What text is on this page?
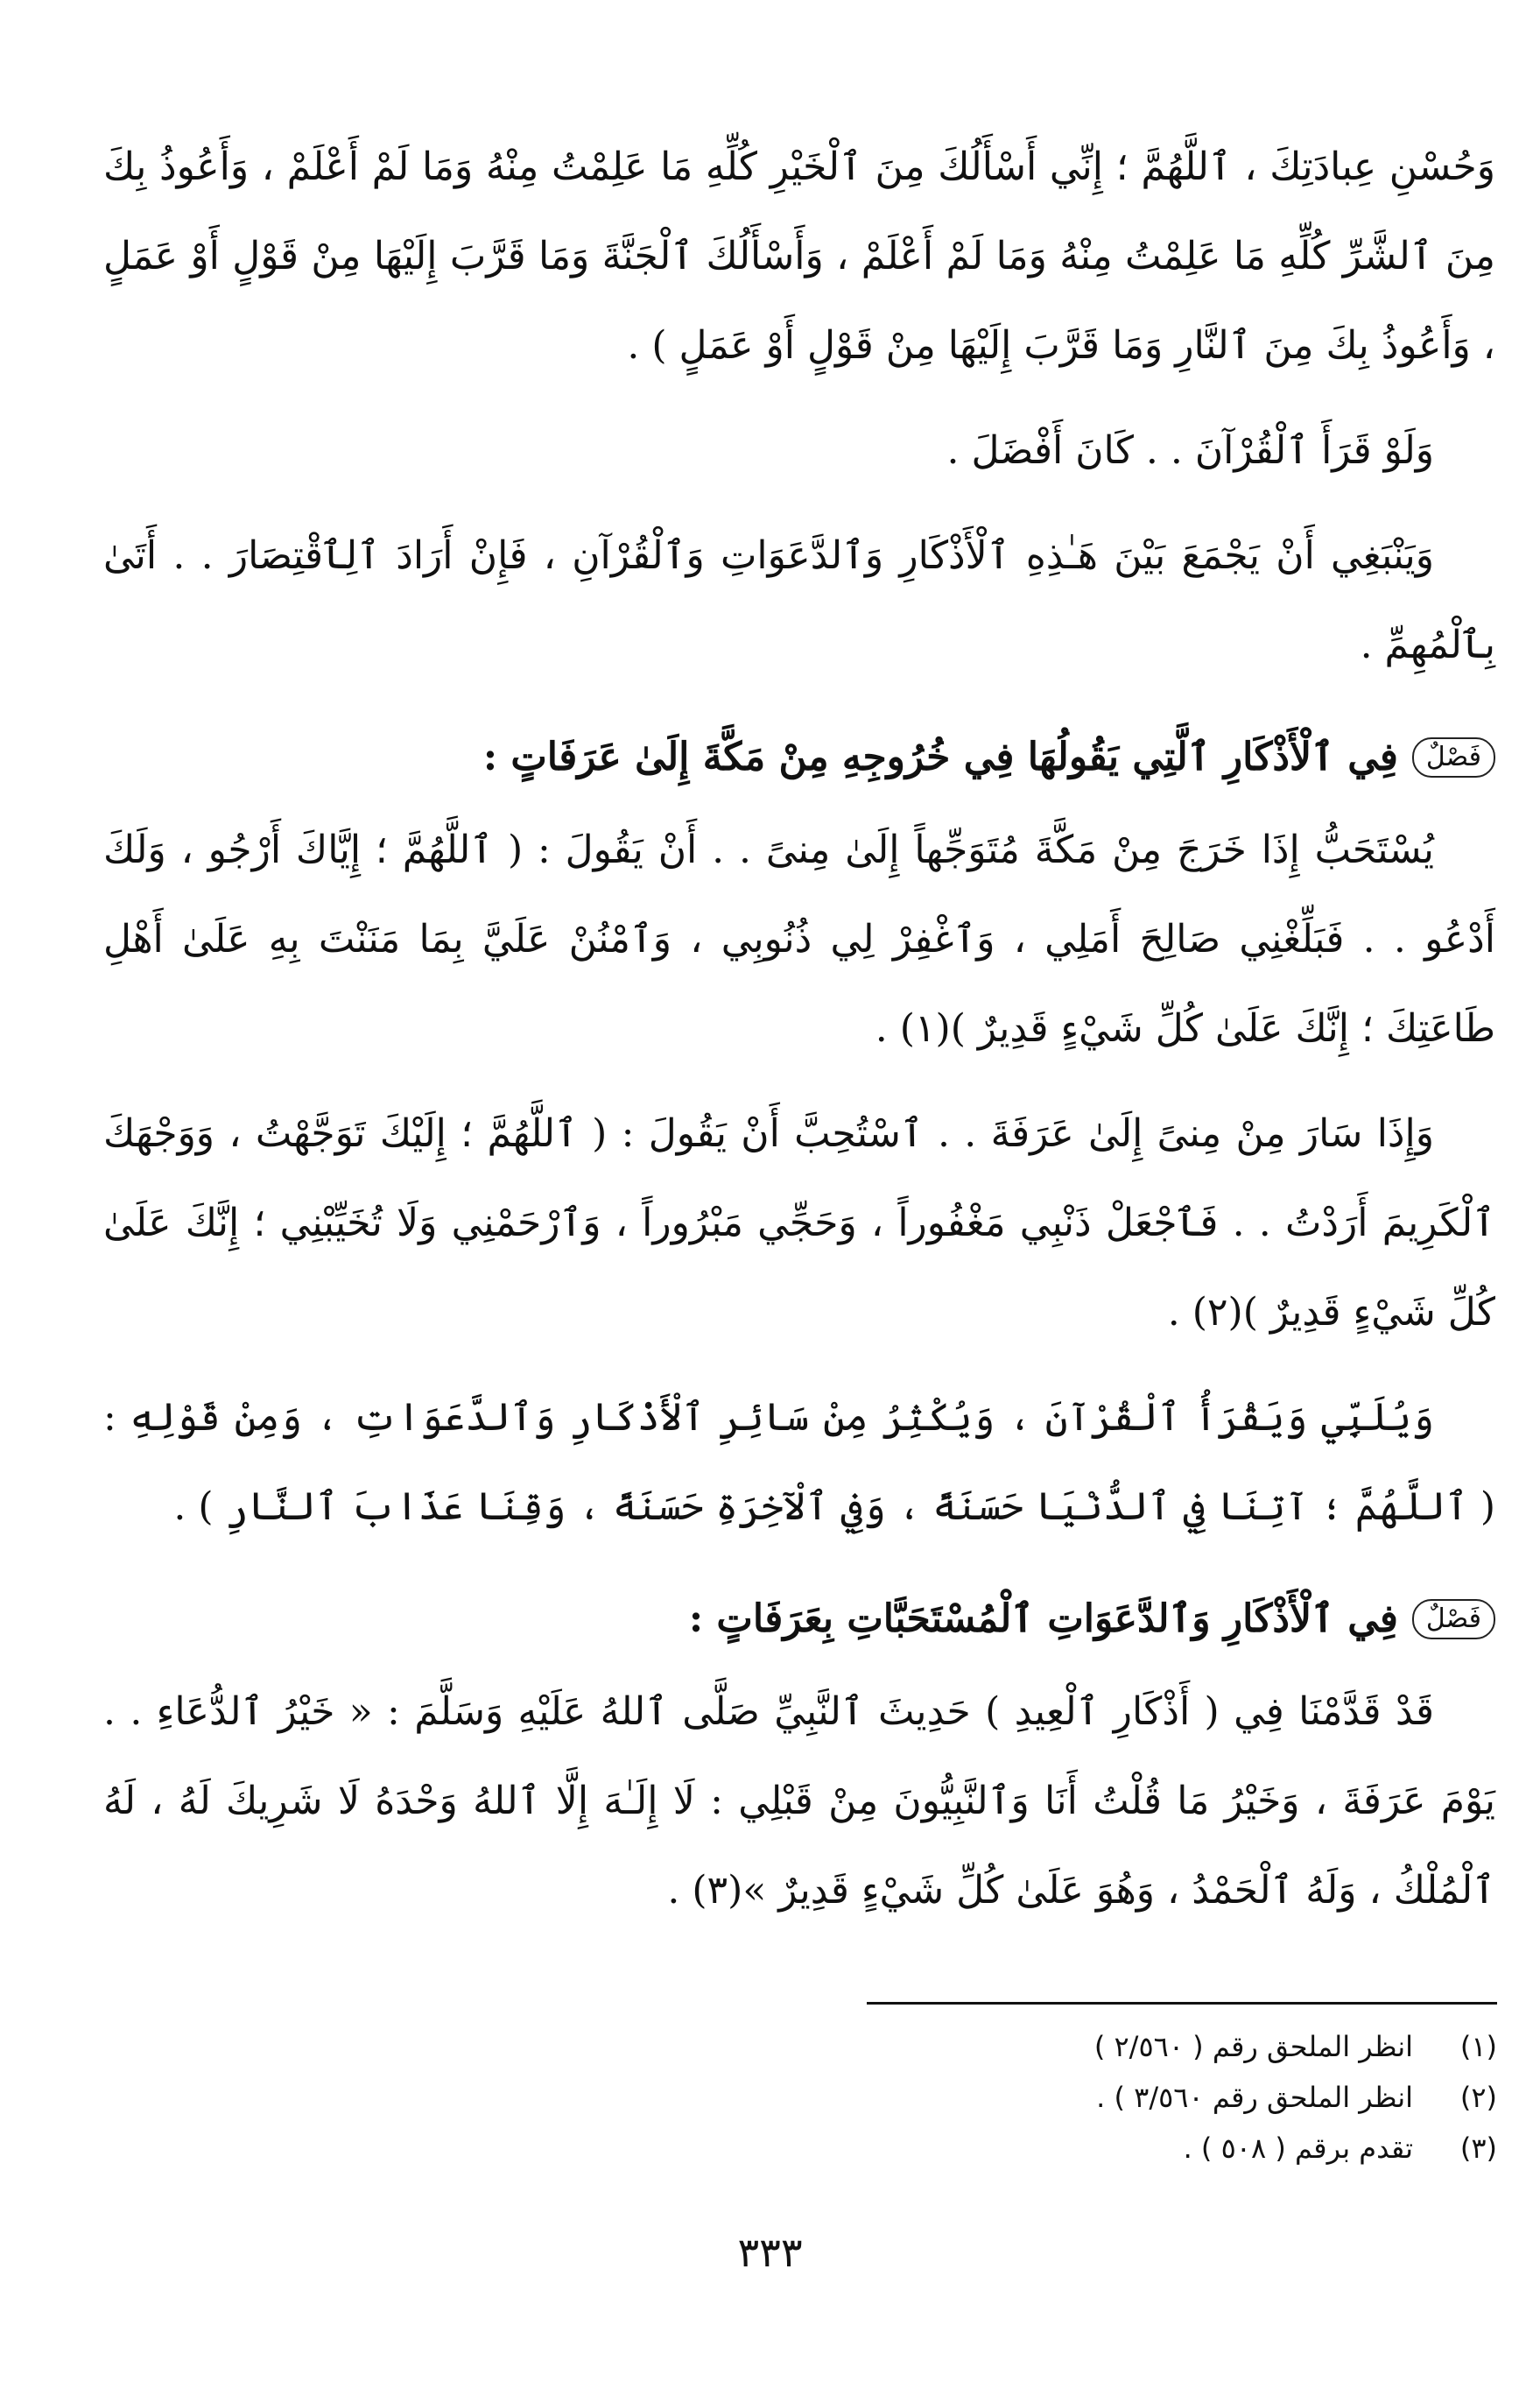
وَحُسْنِ عِبادَتِكَ ، ٱللَّهُمَّ ؛ إِنِّي أَسْأَلُكَ مِنَ ٱلْخَيْرِ كُلِّهِ مَا عَلِمْتُ مِنْهُ وَمَا لَمْ أَعْلَمْ ، وَأَعُوذُ بِكَ مِنَ ٱلشَّرِّ كُلِّهِ مَا عَلِمْتُ مِنْهُ وَمَا لَمْ أَعْلَمْ ، وَأَسْأَلُكَ ٱلْجَنَّةَ وَمَا قَرَّبَ إِلَيْهَا مِنْ قَوْلٍ أَوْ عَمَلٍ ، وَأَعُوذُ بِكَ مِنَ ٱلنَّارِ وَمَا قَرَّبَ إِلَيْهَا مِنْ قَوْلٍ أَوْ عَمَلٍ ) .

وَلَوْ قَرَأَ ٱلْقُرْآنَ . . كَانَ أَفْضَلَ .

وَيَنْبَغِي أَنْ يَجْمَعَ بَيْنَ هَـٰذِهِ ٱلْأَذْكَارِ وَٱلدَّعَوَاتِ وَٱلْقُرْآنِ ، فَإِنْ أَرَادَ ٱلِٱقْتِصَارَ . . أَتَىٰ بِٱلْمُهِمِّ .

فَصْلٌ
فِي ٱلْأَذْكَارِ ٱلَّتِي يَقُولُهَا فِي خُرُوجِهِ مِنْ مَكَّةَ إِلَىٰ عَرَفَاتٍ :

يُسْتَحَبُّ إِذَا خَرَجَ مِنْ مَكَّةَ مُتَوَجِّهاً إِلَىٰ مِنىً . . أَنْ يَقُولَ : ( ٱللَّهُمَّ ؛ إِيَّاكَ أَرْجُو ، وَلَكَ أَدْعُو . . فَبَلِّغْنِي صَالِحَ أَمَلِي ، وَٱغْفِرْ لِي ذُنُوبِي ، وَٱمْنُنْ عَلَيَّ بِمَا مَنَنْتَ بِهِ عَلَىٰ أَهْلِ طَاعَتِكَ ؛ إِنَّكَ عَلَىٰ كُلِّ شَيْءٍ قَدِيرٌ )(١) .

وَإِذَا سَارَ مِنْ مِنىً إِلَىٰ عَرَفَةَ . . ٱسْتُحِبَّ أَنْ يَقُولَ : ( ٱللَّهُمَّ ؛ إِلَيْكَ تَوَجَّهْتُ ، وَوَجْهَكَ ٱلْكَرِيمَ أَرَدْتُ . . فَٱجْعَلْ ذَنْبِي مَغْفُوراً ، وَحَجِّي مَبْرُوراً ، وَٱرْحَمْنِي وَلَا تُخَيِّبْنِي ؛ إِنَّكَ عَلَىٰ كُلِّ شَيْءٍ قَدِيرٌ )(٢) .

وَيُلَبِّي وَيَقْرَأُ ٱلْقُرْآنَ ، وَيُكْثِرُ مِنْ سَائِرِ ٱلْأَذْكَارِ وَٱلدَّعَوَاتِ ، وَمِنْ قَوْلِهِ : ( ٱللَّهُمَّ ؛ آتِنَا فِي ٱلدُّنْيَا حَسَنَةً ، وَفِي ٱلْآخِرَةِ حَسَنَةً ، وَقِنَا عَذَابَ ٱلنَّارِ ) .

فَصْلٌ
فِي ٱلْأَذْكَارِ وَٱلدَّعَوَاتِ ٱلْمُسْتَحَبَّاتِ بِعَرَفَاتٍ :

قَدْ قَدَّمْنَا فِي ( أَذْكَارِ ٱلْعِيدِ ) حَدِيثَ ٱلنَّبِيِّ صَلَّى ٱللهُ عَلَيْهِ وَسَلَّمَ : « خَيْرُ ٱلدُّعَاءِ . . يَوْمَ عَرَفَةَ ، وَخَيْرُ مَا قُلْتُ أَنَا وَٱلنَّبِيُّونَ مِنْ قَبْلِي : لَا إِلَـٰهَ إِلَّا ٱللهُ وَحْدَهُ لَا شَرِيكَ لَهُ ، لَهُ ٱلْمُلْكُ ، وَلَهُ ٱلْحَمْدُ ، وَهُوَ عَلَىٰ كُلِّ شَيْءٍ قَدِيرٌ »(٣) .

(١)
انظر الملحق رقم ( ٢/٥٦٠ )
(٢)
انظر الملحق رقم ٣/٥٦٠ ) .
(٣)
تقدم برقم ( ٥٠٨ ) .
٣٣٣
